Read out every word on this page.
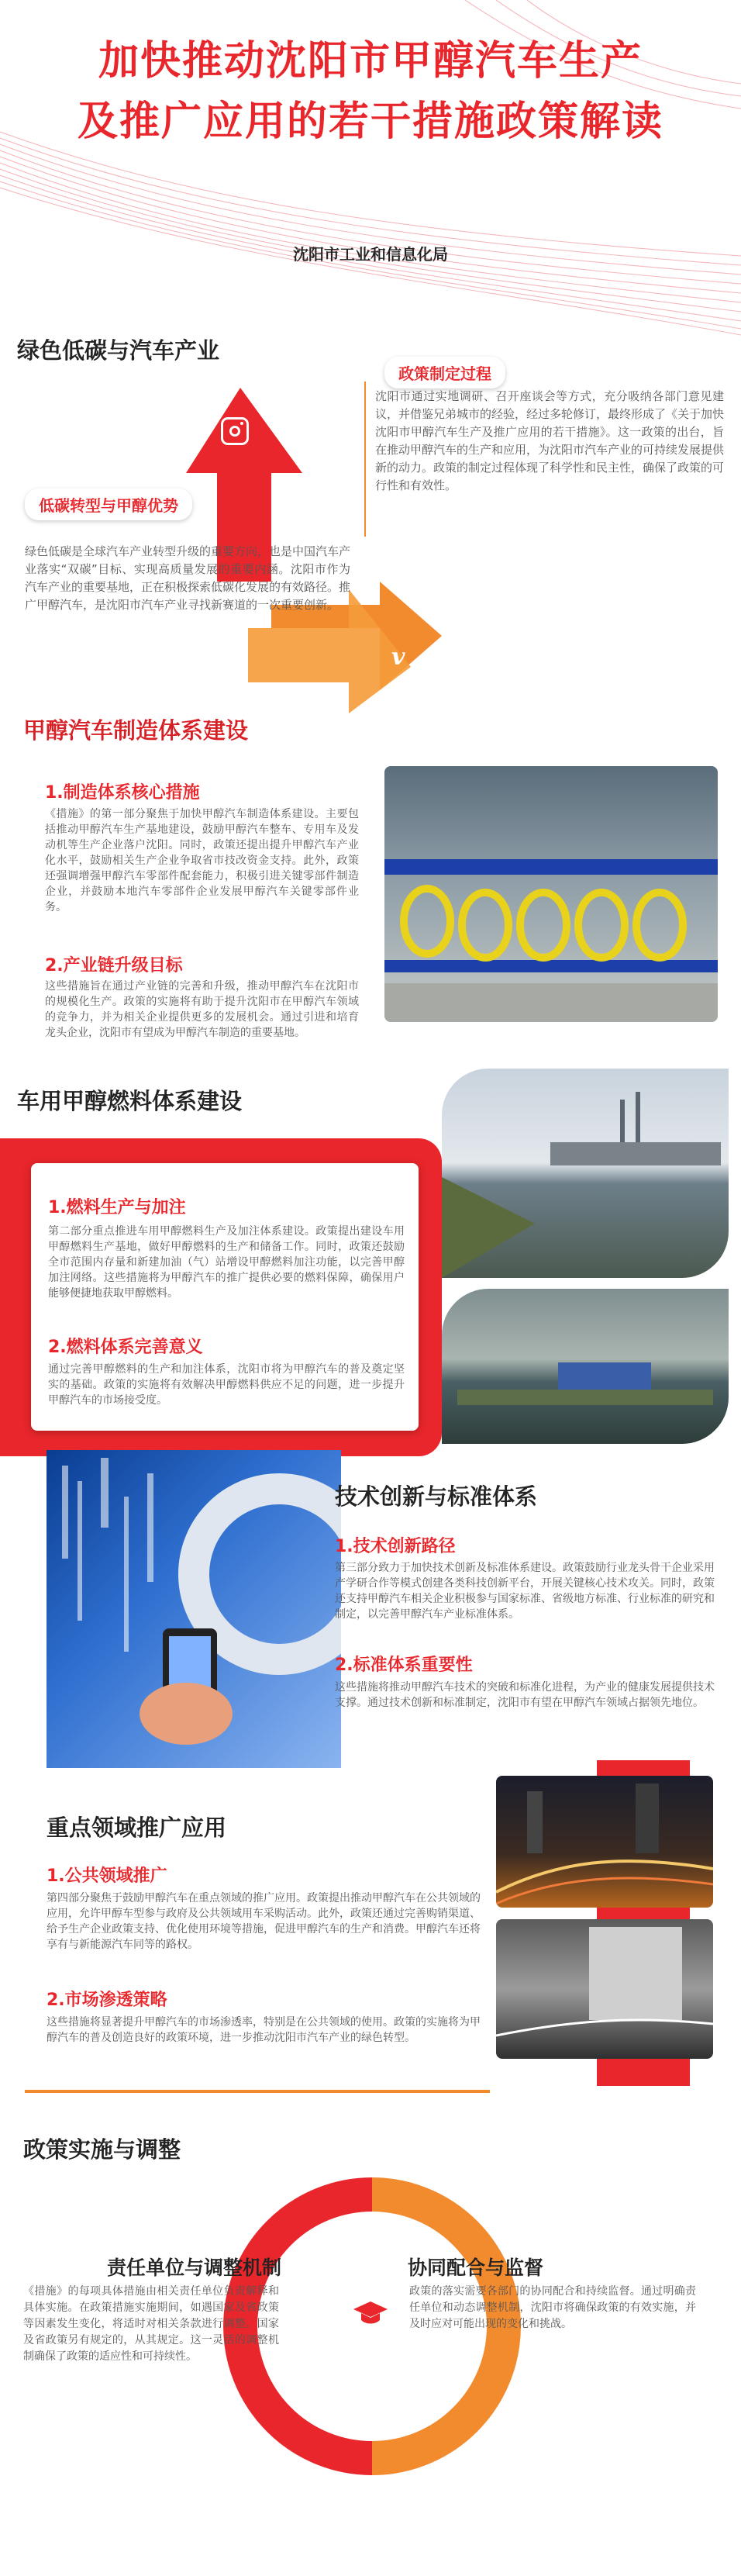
加快推动沈阳市甲醇汽车生产
及推广应用的若干措施政策解读
沈阳市工业和信息化局
绿色低碳与汽车产业
v
政策制定过程
沈阳市通过实地调研、召开座谈会等方式，充分吸纳各部门意见建议，并借鉴兄弟城市的经验，经过多轮修订，最终形成了《关于加快沈阳市甲醇汽车生产及推广应用的若干措施》。这一政策的出台，旨在推动甲醇汽车的生产和应用，为沈阳市汽车产业的可持续发展提供新的动力。政策的制定过程体现了科学性和民主性，确保了政策的可行性和有效性。
低碳转型与甲醇优势
绿色低碳是全球汽车产业转型升级的重要方向，也是中国汽车产业落实“双碳”目标、实现高质量发展的重要内涵。沈阳市作为汽车产业的重要基地，正在积极探索低碳化发展的有效路径。推广甲醇汽车，是沈阳市汽车产业寻找新赛道的一次重要创新。
甲醇汽车制造体系建设
1.制造体系核心措施
《措施》的第一部分聚焦于加快甲醇汽车制造体系建设。主要包括推动甲醇汽车生产基地建设，鼓励甲醇汽车整车、专用车及发动机等生产企业落户沈阳。同时，政策还提出提升甲醇汽车产业化水平，鼓励相关生产企业争取省市技改资金支持。此外，政策还强调增强甲醇汽车零部件配套能力，积极引进关键零部件制造企业，并鼓励本地汽车零部件企业发展甲醇汽车关键零部件业务。
2.产业链升级目标
这些措施旨在通过产业链的完善和升级，推动甲醇汽车在沈阳市的规模化生产。政策的实施将有助于提升沈阳市在甲醇汽车领域的竞争力，并为相关企业提供更多的发展机会。通过引进和培育龙头企业，沈阳市有望成为甲醇汽车制造的重要基地。
车用甲醇燃料体系建设
1.燃料生产与加注
第二部分重点推进车用甲醇燃料生产及加注体系建设。政策提出建设车用甲醇燃料生产基地，做好甲醇燃料的生产和储备工作。同时，政策还鼓励全市范围内存量和新建加油（气）站增设甲醇燃料加注功能，以完善甲醇加注网络。这些措施将为甲醇汽车的推广提供必要的燃料保障，确保用户能够便捷地获取甲醇燃料。
2.燃料体系完善意义
通过完善甲醇燃料的生产和加注体系，沈阳市将为甲醇汽车的普及奠定坚实的基础。政策的实施将有效解决甲醇燃料供应不足的问题，进一步提升甲醇汽车的市场接受度。
技术创新与标准体系
1.技术创新路径
第三部分致力于加快技术创新及标准体系建设。政策鼓励行业龙头骨干企业采用产学研合作等模式创建各类科技创新平台，开展关键核心技术攻关。同时，政策还支持甲醇汽车相关企业积极参与国家标准、省级地方标准、行业标准的研究和制定，以完善甲醇汽车产业标准体系。
2.标准体系重要性
这些措施将推动甲醇汽车技术的突破和标准化进程，为产业的健康发展提供技术支撑。通过技术创新和标准制定，沈阳市有望在甲醇汽车领域占据领先地位。
重点领域推广应用
1.公共领域推广
第四部分聚焦于鼓励甲醇汽车在重点领域的推广应用。政策提出推动甲醇汽车在公共领域的应用，允许甲醇车型参与政府及公共领域用车采购活动。此外，政策还通过完善购销渠道、给予生产企业政策支持、优化使用环境等措施，促进甲醇汽车的生产和消费。甲醇汽车还将享有与新能源汽车同等的路权。
2.市场渗透策略
这些措施将显著提升甲醇汽车的市场渗透率，特别是在公共领域的使用。政策的实施将为甲醇汽车的普及创造良好的政策环境，进一步推动沈阳市汽车产业的绿色转型。
政策实施与调整
责任单位与调整机制
《措施》的每项具体措施由相关责任单位负责解释和具体实施。在政策措施实施期间，如遇国家及省政策等因素发生变化，将适时对相关条款进行调整。国家及省政策另有规定的，从其规定。这一灵活的调整机制确保了政策的适应性和可持续性。
协同配合与监督
政策的落实需要各部门的协同配合和持续监督。通过明确责任单位和动态调整机制，沈阳市将确保政策的有效实施，并及时应对可能出现的变化和挑战。
